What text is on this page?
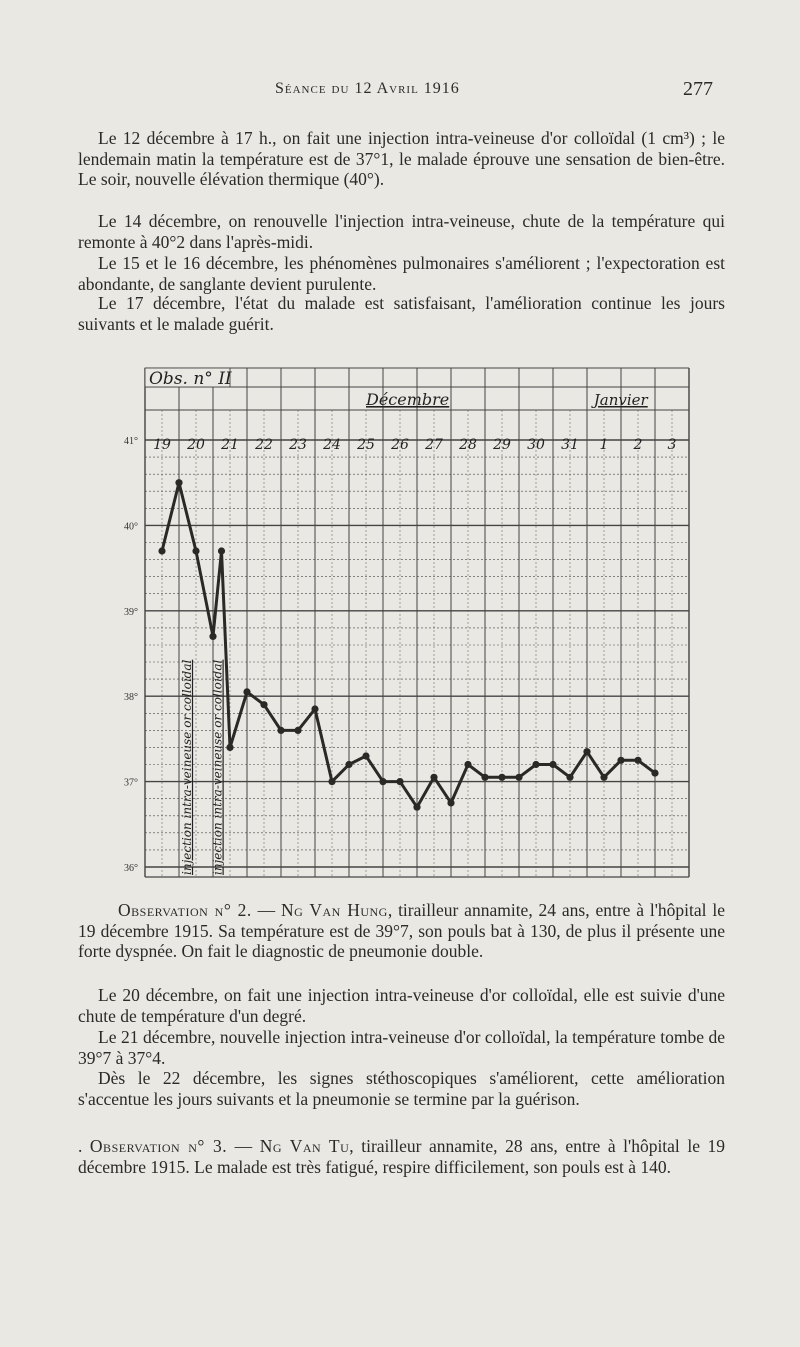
Séance du 12 Avril 1916	277

Le 12 décembre à 17 h., on fait une injection intra-veineuse d'or colloïdal (1 cm³) ; le lendemain matin la température est de 37°1, le malade éprouve une sensation de bien-être. Le soir, nouvelle élévation thermique (40°).

Le 14 décembre, on renouvelle l'injection intra-veineuse, chute de la température qui remonte à 40°2 dans l'après-midi.

Le 15 et le 16 décembre, les phénomènes pulmonaires s'améliorent ; l'expectoration est abondante, de sanglante devient purulente.

Le 17 décembre, l'état du malade est satisfaisant, l'amélioration continue les jours suivants et le malade guérit.

Obs. n° II
Décembre	Janvier
19 20 21 22 23 24 25 26 27 28 29 30 31 1 2 3
41°
40°
39°
38°
37°
36°	injection intra-veineuse or colloïdal injection intra-veineuse or colloïdal

Observation n° 2. — Ng Van Hung, tirailleur annamite, 24 ans, entre à l'hôpital le 19 décembre 1915. Sa température est de 39°7, son pouls bat à 130, de plus il présente une forte dyspnée. On fait le diagnostic de pneumonie double.

Le 20 décembre, on fait une injection intra-veineuse d'or colloïdal, elle est suivie d'une chute de température d'un degré.

Le 21 décembre, nouvelle injection intra-veineuse d'or colloïdal, la température tombe de 39°7 à 37°4.

Dès le 22 décembre, les signes stéthoscopiques s'améliorent, cette amélioration s'accentue les jours suivants et la pneumonie se termine par la guérison.

. Observation n° 3. — Ng Van Tu, tirailleur annamite, 28 ans, entre à l'hôpital le 19 décembre 1915. Le malade est très fatigué, respire difficilement, son pouls est à 140.
